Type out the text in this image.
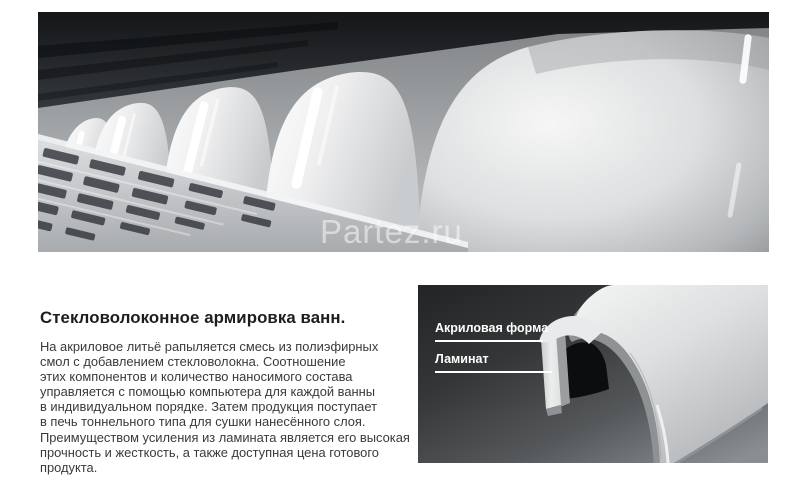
Partez.ru
Стекловолоконное армировка ванн.
На акриловое литьё рапыляется смесь из полиэфирных
смол с добавлением стекловолокна. Соотношение
этих компонентов и количество наносимого состава
управляется с помощью компьютера для каждой ванны
в индивидуальном порядке. Затем продукция поступает
в печь тоннельного типа для сушки нанесённого слоя.
Преимуществом усиления из ламината является его высокая
прочность и жесткость, а также доступная цена готового
продукта.
Акриловая форма
Ламинат
